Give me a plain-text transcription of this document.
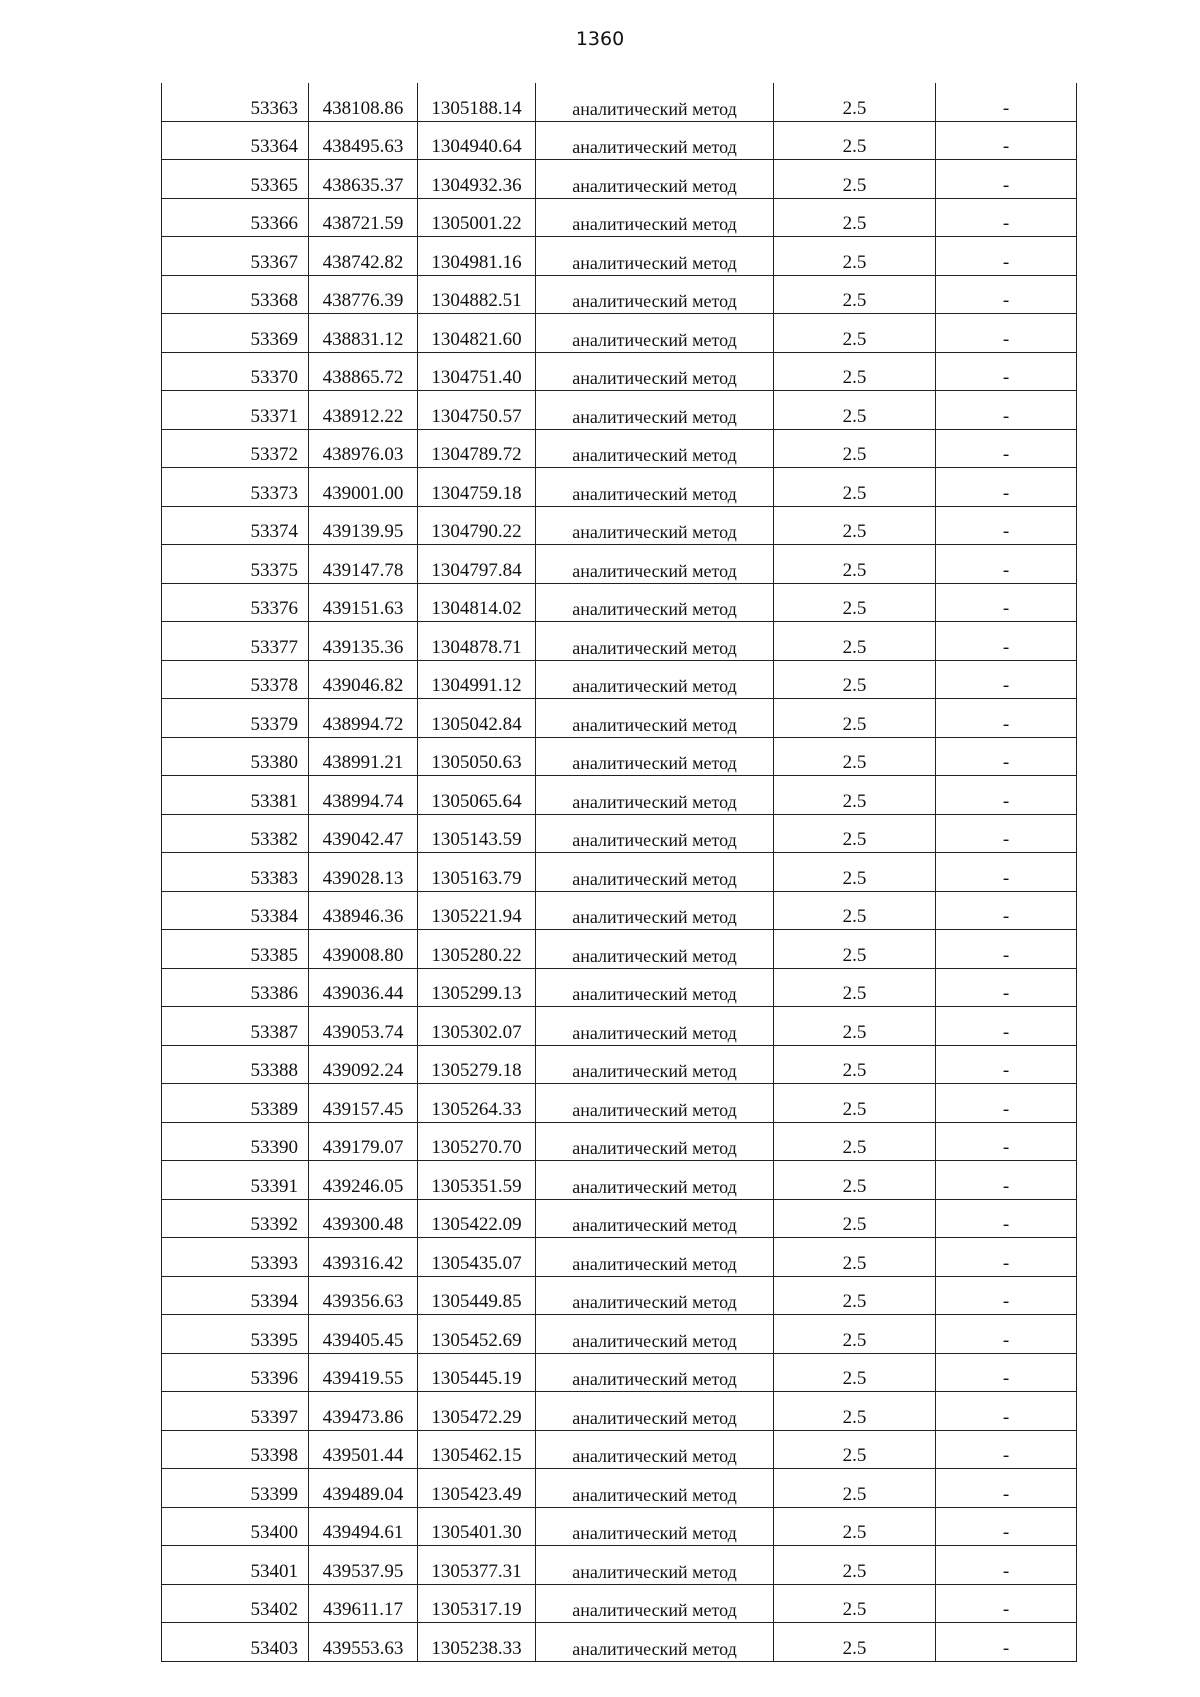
1360
53363	438108.86	1305188.14	аналитический метод	2.5	-
53364	438495.63	1304940.64	аналитический метод	2.5	-
53365	438635.37	1304932.36	аналитический метод	2.5	-
53366	438721.59	1305001.22	аналитический метод	2.5	-
53367	438742.82	1304981.16	аналитический метод	2.5	-
53368	438776.39	1304882.51	аналитический метод	2.5	-
53369	438831.12	1304821.60	аналитический метод	2.5	-
53370	438865.72	1304751.40	аналитический метод	2.5	-
53371	438912.22	1304750.57	аналитический метод	2.5	-
53372	438976.03	1304789.72	аналитический метод	2.5	-
53373	439001.00	1304759.18	аналитический метод	2.5	-
53374	439139.95	1304790.22	аналитический метод	2.5	-
53375	439147.78	1304797.84	аналитический метод	2.5	-
53376	439151.63	1304814.02	аналитический метод	2.5	-
53377	439135.36	1304878.71	аналитический метод	2.5	-
53378	439046.82	1304991.12	аналитический метод	2.5	-
53379	438994.72	1305042.84	аналитический метод	2.5	-
53380	438991.21	1305050.63	аналитический метод	2.5	-
53381	438994.74	1305065.64	аналитический метод	2.5	-
53382	439042.47	1305143.59	аналитический метод	2.5	-
53383	439028.13	1305163.79	аналитический метод	2.5	-
53384	438946.36	1305221.94	аналитический метод	2.5	-
53385	439008.80	1305280.22	аналитический метод	2.5	-
53386	439036.44	1305299.13	аналитический метод	2.5	-
53387	439053.74	1305302.07	аналитический метод	2.5	-
53388	439092.24	1305279.18	аналитический метод	2.5	-
53389	439157.45	1305264.33	аналитический метод	2.5	-
53390	439179.07	1305270.70	аналитический метод	2.5	-
53391	439246.05	1305351.59	аналитический метод	2.5	-
53392	439300.48	1305422.09	аналитический метод	2.5	-
53393	439316.42	1305435.07	аналитический метод	2.5	-
53394	439356.63	1305449.85	аналитический метод	2.5	-
53395	439405.45	1305452.69	аналитический метод	2.5	-
53396	439419.55	1305445.19	аналитический метод	2.5	-
53397	439473.86	1305472.29	аналитический метод	2.5	-
53398	439501.44	1305462.15	аналитический метод	2.5	-
53399	439489.04	1305423.49	аналитический метод	2.5	-
53400	439494.61	1305401.30	аналитический метод	2.5	-
53401	439537.95	1305377.31	аналитический метод	2.5	-
53402	439611.17	1305317.19	аналитический метод	2.5	-
53403	439553.63	1305238.33	аналитический метод	2.5	-
